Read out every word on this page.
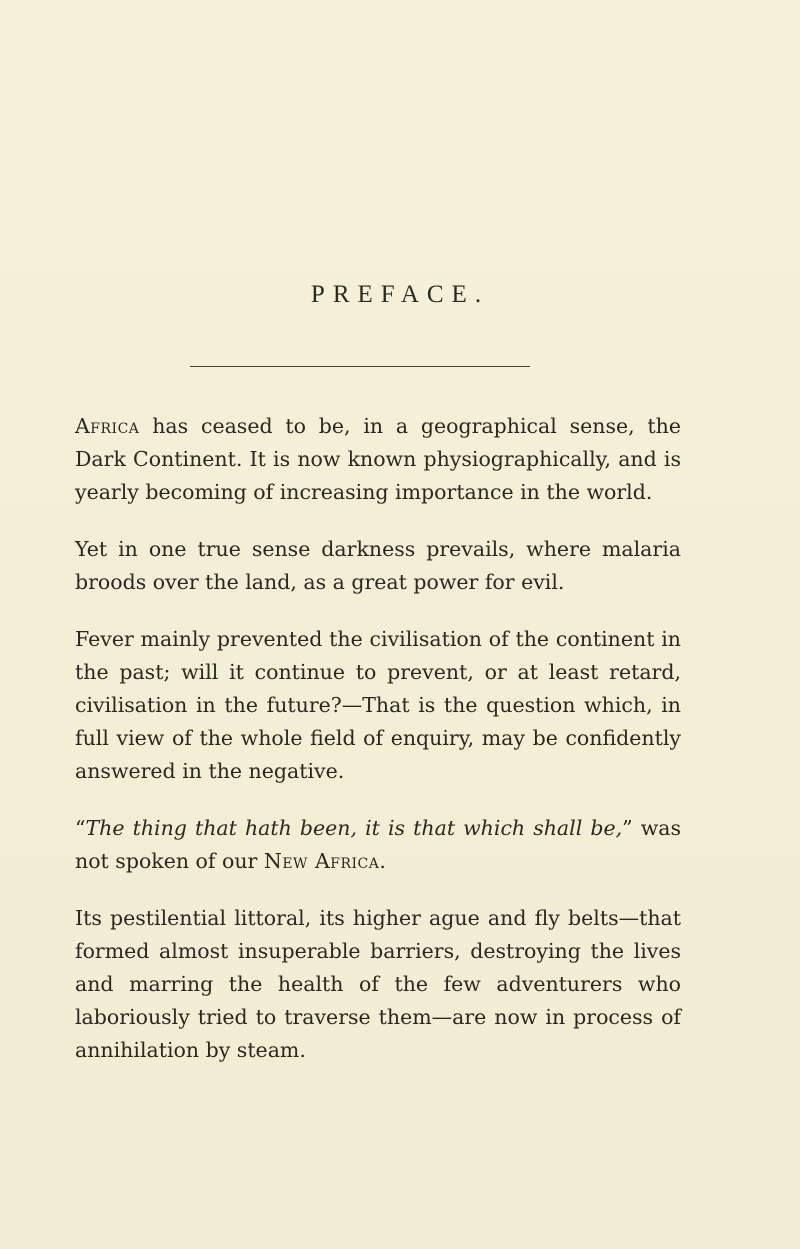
PREFACE.

Africa has ceased to be, in a geographical sense, the Dark Continent. It is now known physiographically, and is yearly becoming of increasing importance in the world.

Yet in one true sense darkness prevails, where malaria broods over the land, as a great power for evil.

Fever mainly prevented the civilisation of the continent in the past; will it continue to prevent, or at least retard, civilisation in the future?—That is the question which, in full view of the whole field of enquiry, may be confidently answered in the negative.

“The thing that hath been, it is that which shall be,” was not spoken of our New Africa.

Its pestilential littoral, its higher ague and fly belts—that formed almost insuperable barriers, destroying the lives and marring the health of the few adventurers who laboriously tried to traverse them—are now in process of annihilation by steam.
